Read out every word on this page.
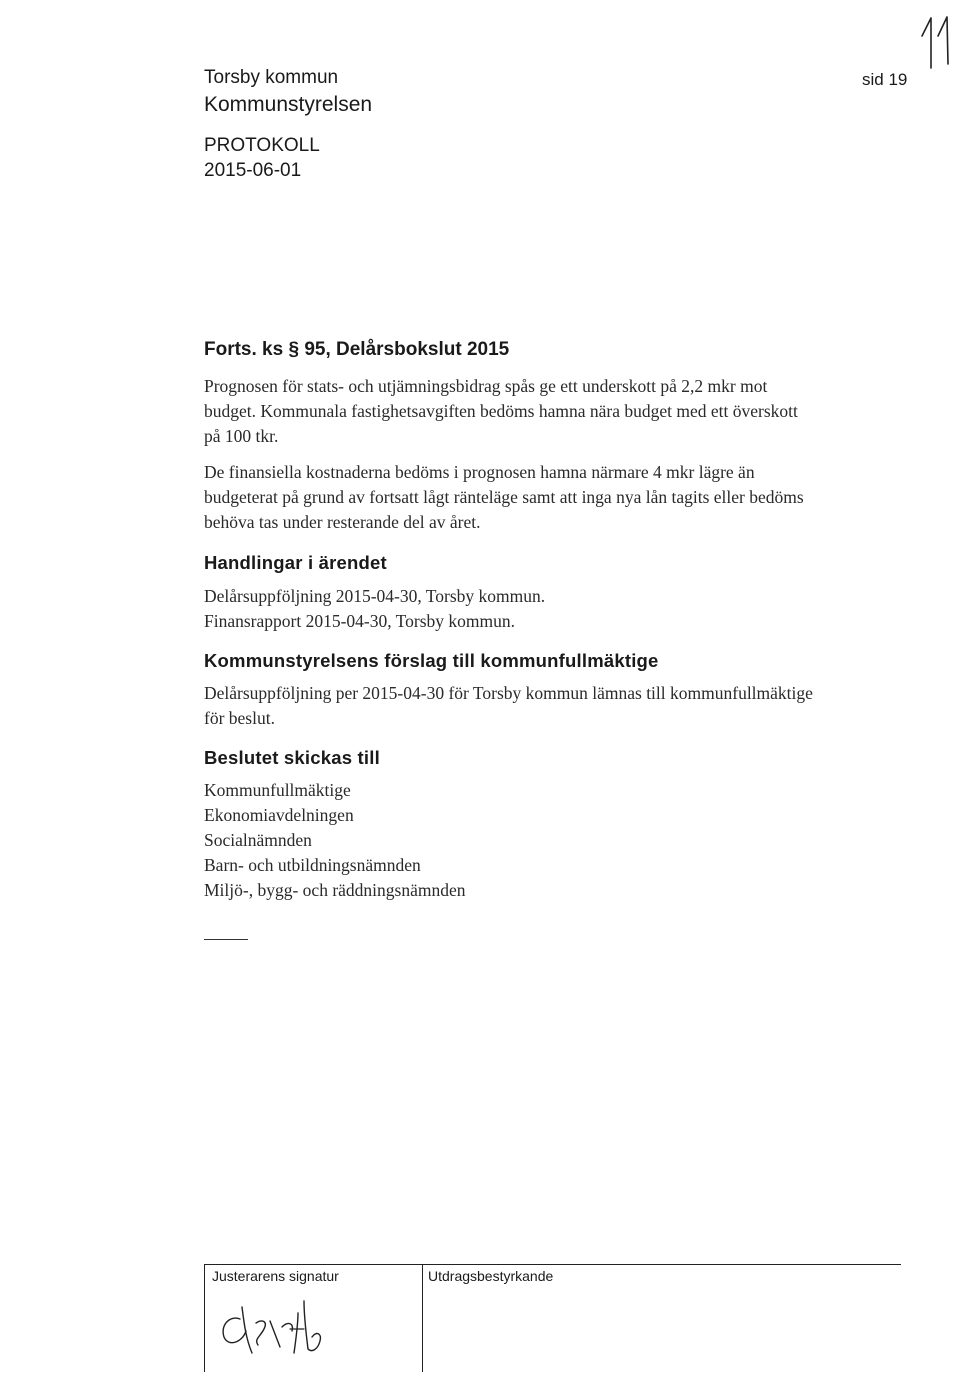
Torsby kommun
Kommunstyrelsen
PROTOKOLL
2015-06-01
sid 19
Forts. ks § 95, Delårsbokslut 2015

Prognosen för stats- och utjämningsbidrag spås ge ett underskott på 2,2 mkr mot

budget. Kommunala fastighetsavgiften bedöms hamna nära budget med ett överskott

på 100 tkr.

De finansiella kostnaderna bedöms i prognosen hamna närmare 4 mkr lägre än

budgeterat på grund av fortsatt lågt ränteläge samt att inga nya lån tagits eller bedöms

behöva tas under resterande del av året.

Handlingar i ärendet

Delårsuppföljning 2015-04-30, Torsby kommun.

Finansrapport 2015-04-30, Torsby kommun.

Kommunstyrelsens förslag till kommunfullmäktige

Delårsuppföljning per 2015-04-30 för Torsby kommun lämnas till kommunfullmäktige

för beslut.

Beslutet skickas till

Kommunfullmäktige

Ekonomiavdelningen

Socialnämnden

Barn- och utbildningsnämnden

Miljö-, bygg- och räddningsnämnden

Justerarens signatur	Utdragsbestyrkande
